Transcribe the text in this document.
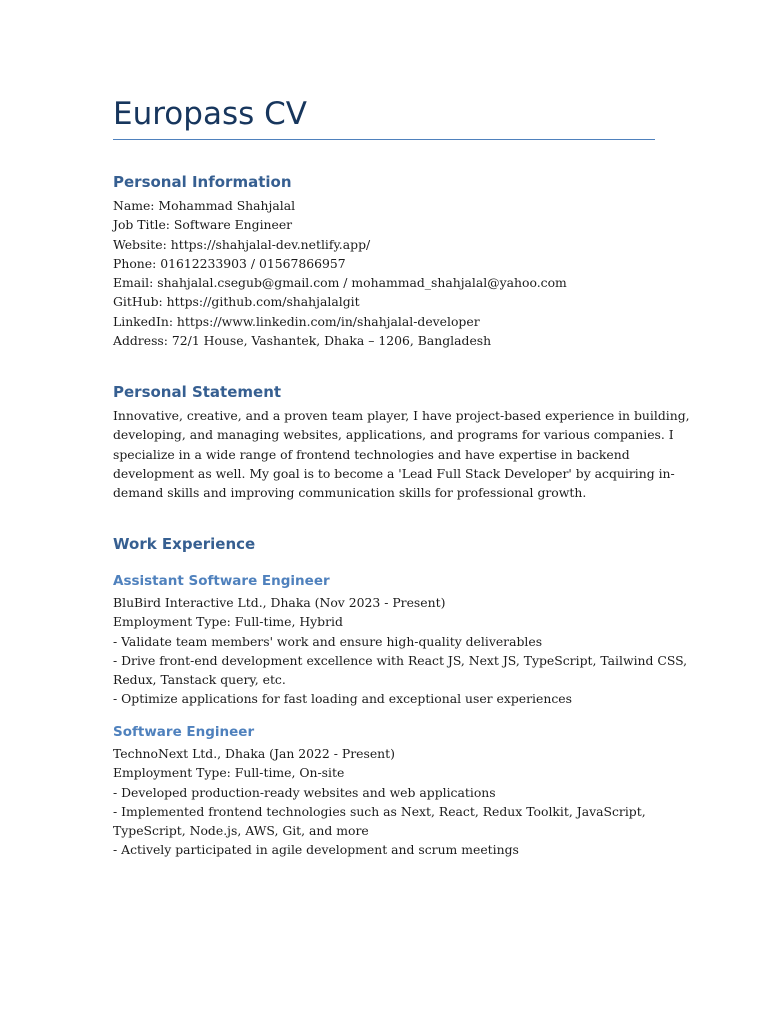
Europass CV
Personal Information

Name: Mohammad Shahjalal

Job Title: Software Engineer

Website: https://shahjalal-dev.netlify.app/

Phone: 01612233903 / 01567866957

Email: shahjalal.csegub@gmail.com / mohammad_shahjalal@yahoo.com

GitHub: https://github.com/shahjalalgit

LinkedIn: https://www.linkedin.com/in/shahjalal-developer

Address: 72/1 House, Vashantek, Dhaka – 1206, Bangladesh

Personal Statement

Innovative, creative, and a proven team player, I have project-based experience in building,

developing, and managing websites, applications, and programs for various companies. I

specialize in a wide range of frontend technologies and have expertise in backend

development as well. My goal is to become a 'Lead Full Stack Developer' by acquiring in-

demand skills and improving communication skills for professional growth.

Work Experience
Assistant Software Engineer

BluBird Interactive Ltd., Dhaka (Nov 2023 - Present)

Employment Type: Full-time, Hybrid

- Validate team members' work and ensure high-quality deliverables

- Drive front-end development excellence with React JS, Next JS, TypeScript, Tailwind CSS,

Redux, Tanstack query, etc.

- Optimize applications for fast loading and exceptional user experiences

Software Engineer

TechnoNext Ltd., Dhaka (Jan 2022 - Present)

Employment Type: Full-time, On-site

- Developed production-ready websites and web applications

- Implemented frontend technologies such as Next, React, Redux Toolkit, JavaScript,

TypeScript, Node.js, AWS, Git, and more

- Actively participated in agile development and scrum meetings
